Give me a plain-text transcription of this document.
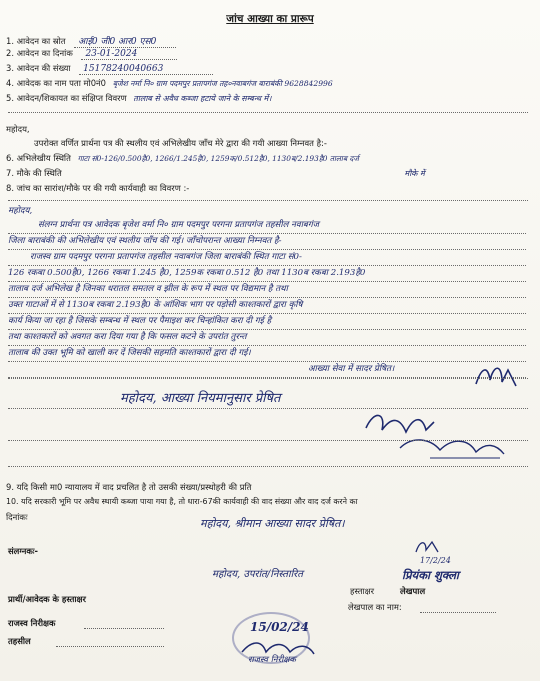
जांच आख्या का प्रारूप
1. आवेदन का स्रोत आई0 जी0 आर0 एस0
2. आवेदन का दिनांक 23-01-2024
3. आवेदन की संख्या 15178240040663
4. आवेदक का नाम पता मो0नं0 बृजेश नर्मा नि० ग्राम पदमपुर प्रतापगंज तह०नवाबगंज बाराबंकी 9628842996
5. आवेदन/शिकायत का संक्षिप्त विवरण तालाब से अवैध कब्जा हटाये जाने के सम्बन्ध में।
महोदय,
उपरोक्त वर्णित प्रार्थना पत्र की स्थलीय एवं अभिलेखीय जाँच मेरे द्वारा की गयी आख्या निम्नवत है:-
6. अभिलेखीय स्थिति गाटा सं0-126/0.500है0, 1266/1.245है0, 1259क/0.512है0, 1130ब/2.193है0 तालाब दर्ज
7. मौके की स्थिति	मौके में
8. जांच का सारांश/मौके पर की गयी कार्यवाही का विवरण :-
महोदय,
संलग्न प्रार्थना पत्र आवेदक बृजेश वर्मा नि० ग्राम पदमपुर परगना प्रतापगंज तहसील नवाबगंज
जिला बाराबंकी की अभिलेखीय एवं स्थलीय जाँच की गई। जाँचोपरान्त आख्या निम्नवत है-
राजस्व ग्राम पदमपुर परगना प्रतापगंज तहसील नवाबगंज जिला बाराबंकी स्थित गाटा सं0-
126 रकबा 0.500है0, 1266 रकबा 1.245 है0, 1259क रकबा 0.512 है0 तथा 1130ब रकबा 2.193है0
तालाब दर्ज अभिलेख है जिनका धरातल समतल व झील के रूप में स्थल पर विद्यमान है तथा
उक्त गाटाओं में से 1130ब रकबा 2.193है0 के आंशिक भाग पर पड़ोसी काश्तकारों द्वारा कृषि
कार्य किया जा रहा है जिसके सम्बन्ध में स्थल पर पैमाइश कर चिन्हांकित करा दी गई है
तथा काश्तकारों को अवगत करा दिया गया है कि फसल कटने के उपरांत तुरन्त
तालाब की उक्त भूमि को खाली कर दें जिसकी सहमति काश्तकारों द्वारा दी गई।
आख्या सेवा में सादर प्रेषित।
महोदय, आख्या नियमानुसार प्रेषित
9. यदि किसी मा0 न्यायालय में वाद प्रचलित है तो उसकी संख्या/प्रस्थोहरी की प्रति
10. यदि सरकारी भूमि पर अवैध स्थायी कब्जा पाया गया है, तो धारा-67की कार्यवाही की वाद संख्या और वाद दर्ज करने का
दिनांकः	महोदय, श्रीमान आख्या सादर प्रेषित।
संलग्नकः-
17/2/24
प्रियंका शुक्ला
प्रार्थी/आवेदक के हस्ताक्षर
महोदय, उपरांत/निस्तारित
हस्ताक्षर	लेखपाल
लेखपाल का नाम:
राजस्व निरीक्षक
तहसील
15/02/24
राजस्व निरीक्षक
